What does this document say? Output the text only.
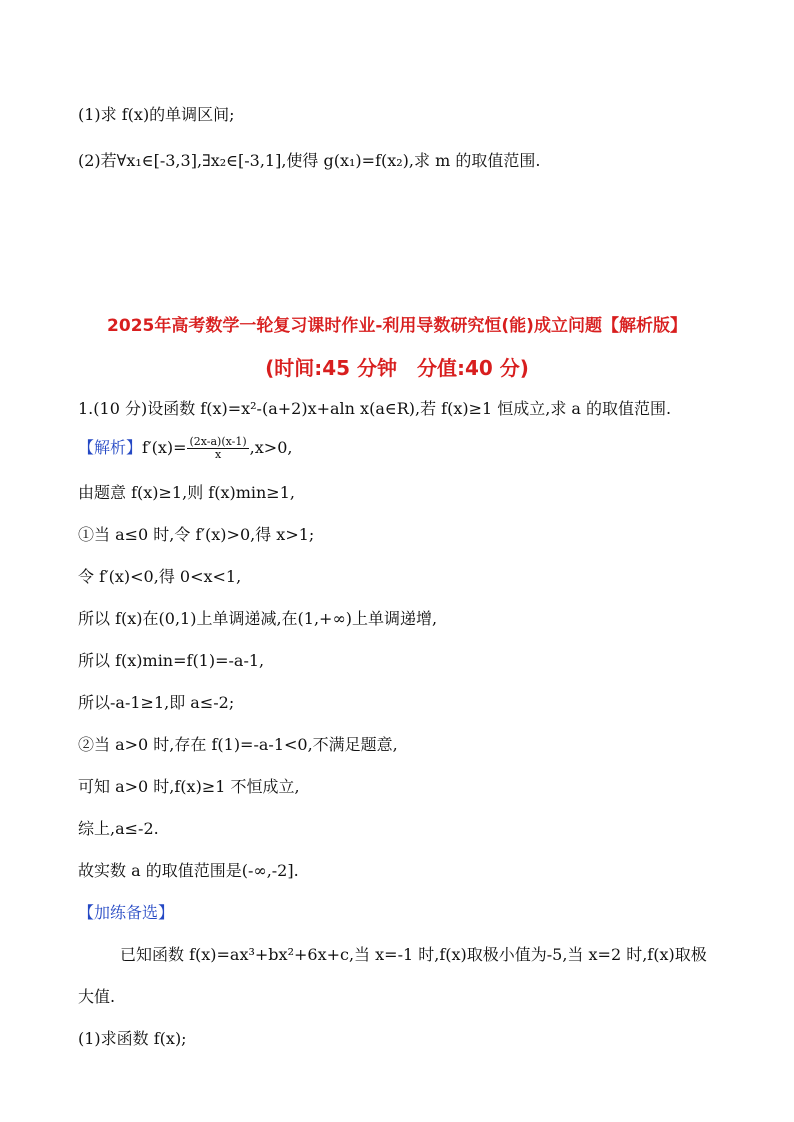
(1)求 f(x)的单调区间;
(2)若∀x₁∈[-3,3],∃x₂∈[-3,1],使得 g(x₁)=f(x₂),求 m 的取值范围.
2025年高考数学一轮复习课时作业-利用导数研究恒(能)成立问题【解析版】
(时间:45 分钟　分值:40 分)
1.(10 分)设函数 f(x)=x²-(a+2)x+aln x(a∈R),若 f(x)≥1 恒成立,求 a 的取值范围.
【解析】$f'(x)= \frac{(2x-a)(x-1)}{x} ,x>0$,
由题意 f(x)≥1,则 f(x)min≥1,
①当 a≤0 时,令 f′(x)>0,得 x>1;
令 f′(x)<0,得 0<x<1,
所以 f(x)在(0,1)上单调递减,在(1,+∞)上单调递增,
所以 f(x)min=f(1)=-a-1,
所以-a-1≥1,即 a≤-2;
②当 a>0 时,存在 f(1)=-a-1<0,不满足题意,
可知 a>0 时,f(x)≥1 不恒成立,
综上,a≤-2.
故实数 a 的取值范围是(-∞,-2].
【加练备选】
已知函数 f(x)=ax³+bx²+6x+c,当 x=-1 时,f(x)取极小值为-5,当 x=2 时,f(x)取极
大值.
(1)求函数 f(x);
